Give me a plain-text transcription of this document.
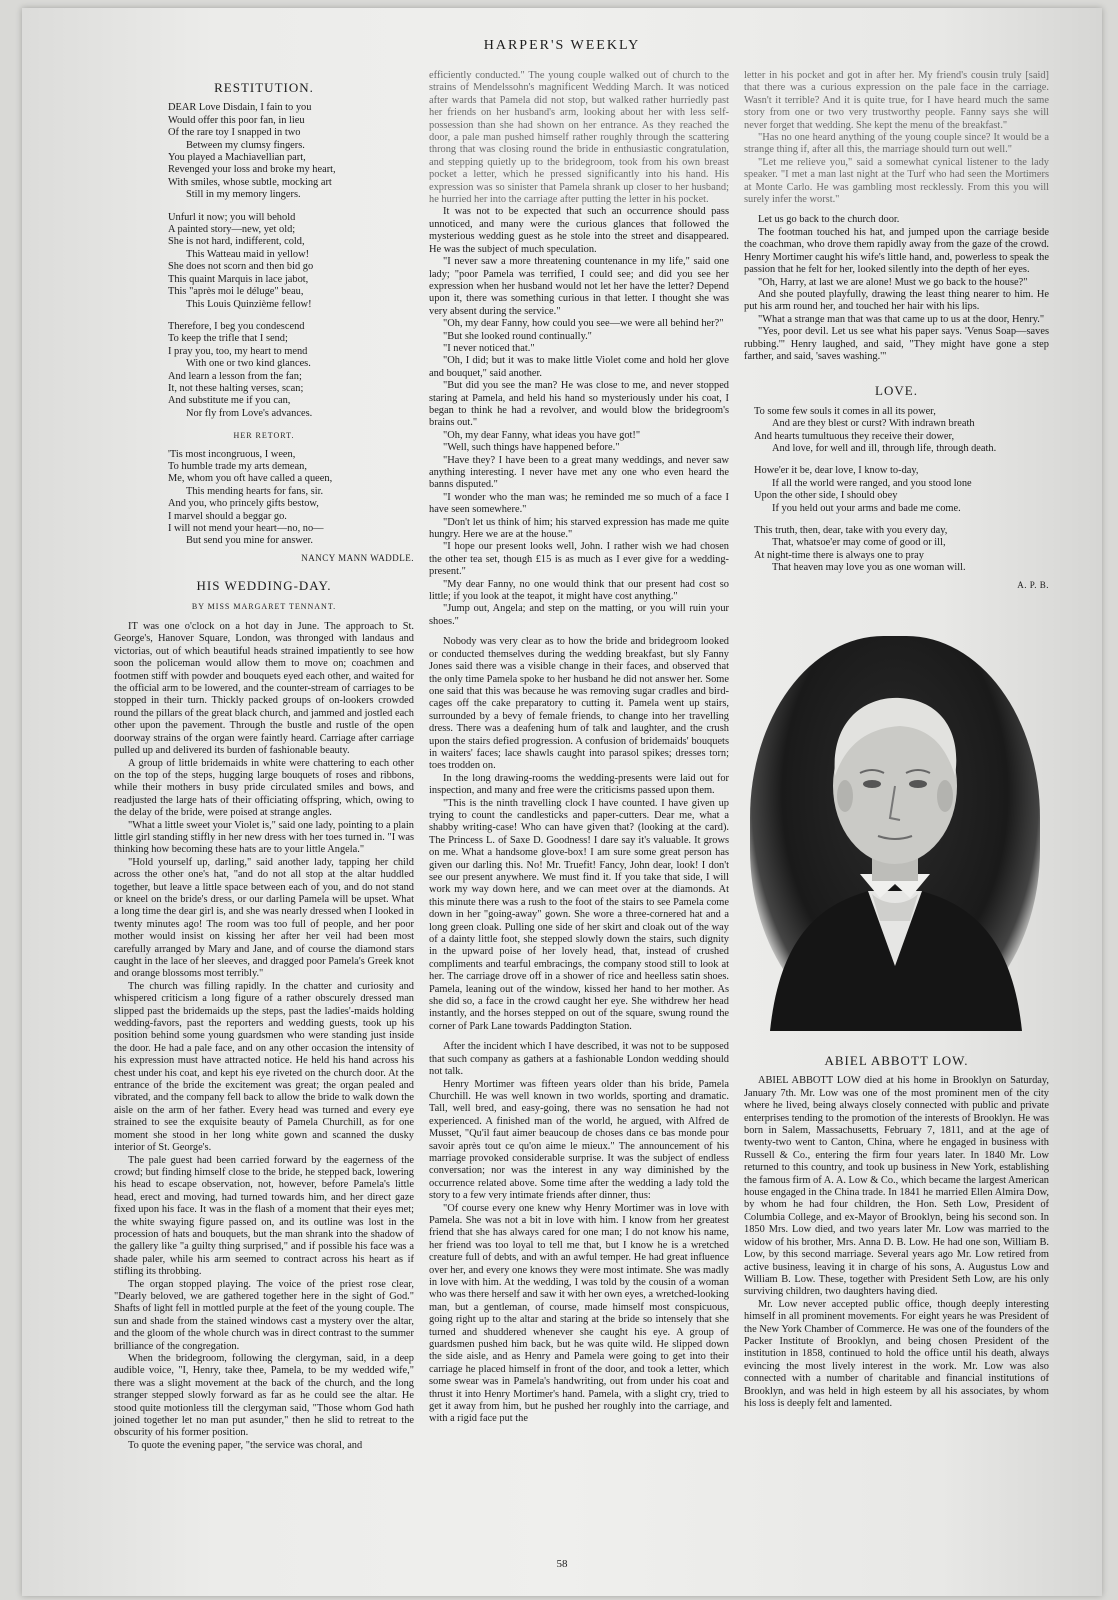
HARPER'S WEEKLY
RESTITUTION.

DEAR Love Disdain, I fain to you

Would offer this poor fan, in lieu

Of the rare toy I snapped in two

Between my clumsy fingers.

You played a Machiavellian part,

Revenged your loss and broke my heart,

With smiles, whose subtle, mocking art

Still in my memory lingers.

Unfurl it now; you will behold

A painted story—new, yet old;

She is not hard, indifferent, cold,

This Watteau maid in yellow!

She does not scorn and then bid go

This quaint Marquis in lace jabot,

This "après moi le déluge" beau,

This Louis Quinzième fellow!

Therefore, I beg you condescend

To keep the trifle that I send;

I pray you, too, my heart to mend

With one or two kind glances.

And learn a lesson from the fan;

It, not these halting verses, scan;

And substitute me if you can,

Nor fly from Love's advances.

HER RETORT.

'Tis most incongruous, I ween,

To humble trade my arts demean,

Me, whom you oft have called a queen,

This mending hearts for fans, sir.

And you, who princely gifts bestow,

I marvel should a beggar go.

I will not mend your heart—no, no—

But send you mine for answer.

NANCY MANN WADDLE.
HIS WEDDING-DAY.
BY MISS MARGARET TENNANT.

IT was one o'clock on a hot day in June. The approach to St. George's, Hanover Square, London, was thronged with landaus and victorias, out of which beautiful heads strained impatiently to see how soon the policeman would allow them to move on; coachmen and footmen stiff with powder and bouquets eyed each other, and waited for the official arm to be lowered, and the counter-stream of carriages to be stopped in their turn. Thickly packed groups of on-lookers crowded round the pillars of the great black church, and jammed and jostled each other upon the pavement. Through the bustle and rustle of the open doorway strains of the organ were faintly heard. Carriage after carriage pulled up and delivered its burden of fashionable beauty.

A group of little bridemaids in white were chattering to each other on the top of the steps, hugging large bouquets of roses and ribbons, while their mothers in busy pride circulated smiles and bows, and readjusted the large hats of their officiating offspring, which, owing to the delay of the bride, were poised at strange angles.

"What a little sweet your Violet is," said one lady, pointing to a plain little girl standing stiffly in her new dress with her toes turned in. "I was thinking how becoming these hats are to your little Angela."

"Hold yourself up, darling," said another lady, tapping her child across the other one's hat, "and do not all stop at the altar huddled together, but leave a little space between each of you, and do not stand or kneel on the bride's dress, or our darling Pamela will be upset. What a long time the dear girl is, and she was nearly dressed when I looked in twenty minutes ago! The room was too full of people, and her poor mother would insist on kissing her after her veil had been most carefully arranged by Mary and Jane, and of course the diamond stars caught in the lace of her sleeves, and dragged poor Pamela's Greek knot and orange blossoms most terribly."

The church was filling rapidly. In the chatter and curiosity and whispered criticism a long figure of a rather obscurely dressed man slipped past the bridemaids up the steps, past the ladies'-maids holding wedding-favors, past the reporters and wedding guests, took up his position behind some young guardsmen who were standing just inside the door. He had a pale face, and on any other occasion the intensity of his expression must have attracted notice. He held his hand across his chest under his coat, and kept his eye riveted on the church door. At the entrance of the bride the excitement was great; the organ pealed and vibrated, and the company fell back to allow the bride to walk down the aisle on the arm of her father. Every head was turned and every eye strained to see the exquisite beauty of Pamela Churchill, as for one moment she stood in her long white gown and scanned the dusky interior of St. George's.

The pale guest had been carried forward by the eagerness of the crowd; but finding himself close to the bride, he stepped back, lowering his head to escape observation, not, however, before Pamela's little head, erect and moving, had turned towards him, and her direct gaze fixed upon his face. It was in the flash of a moment that their eyes met; the white swaying figure passed on, and its outline was lost in the procession of hats and bouquets, but the man shrank into the shadow of the gallery like "a guilty thing surprised," and if possible his face was a shade paler, while his arm seemed to contract across his heart as if stifling its throbbing.

The organ stopped playing. The voice of the priest rose clear, "Dearly beloved, we are gathered together here in the sight of God." Shafts of light fell in mottled purple at the feet of the young couple. The sun and shade from the stained windows cast a mystery over the altar, and the gloom of the whole church was in direct contrast to the summer brilliance of the congregation.

When the bridegroom, following the clergyman, said, in a deep audible voice, "I, Henry, take thee, Pamela, to be my wedded wife," there was a slight movement at the back of the church, and the long stranger stepped slowly forward as far as he could see the altar. He stood quite motionless till the clergyman said, "Those whom God hath joined together let no man put asunder," then he slid to retreat to the obscurity of his former position.

To quote the evening paper, "the service was choral, and

efficiently conducted." The young couple walked out of church to the strains of Mendelssohn's magnificent Wedding March. It was noticed after wards that Pamela did not stop, but walked rather hurriedly past her friends on her husband's arm, looking about her with less self-possession than she had shown on her entrance. As they reached the door, a pale man pushed himself rather roughly through the scattering throng that was closing round the bride in enthusiastic congratulation, and stepping quietly up to the bridegroom, took from his own breast pocket a letter, which he pressed significantly into his hand. His expression was so sinister that Pamela shrank up closer to her husband; he hurried her into the carriage after putting the letter in his pocket.

It was not to be expected that such an occurrence should pass unnoticed, and many were the curious glances that followed the mysterious wedding guest as he stole into the street and disappeared. He was the subject of much speculation.

"I never saw a more threatening countenance in my life," said one lady; "poor Pamela was terrified, I could see; and did you see her expression when her husband would not let her have the letter? Depend upon it, there was something curious in that letter. I thought she was very absent during the service."

"Oh, my dear Fanny, how could you see—we were all behind her?"

"But she looked round continually."

"I never noticed that."

"Oh, I did; but it was to make little Violet come and hold her glove and bouquet," said another.

"But did you see the man? He was close to me, and never stopped staring at Pamela, and held his hand so mysteriously under his coat, I began to think he had a revolver, and would blow the bridegroom's brains out."

"Oh, my dear Fanny, what ideas you have got!"

"Well, such things have happened before."

"Have they? I have been to a great many weddings, and never saw anything interesting. I never have met any one who even heard the banns disputed."

"I wonder who the man was; he reminded me so much of a face I have seen somewhere."

"Don't let us think of him; his starved expression has made me quite hungry. Here we are at the house."

"I hope our present looks well, John. I rather wish we had chosen the other tea set, though £15 is as much as I ever give for a wedding-present."

"My dear Fanny, no one would think that our present had cost so little; if you look at the teapot, it might have cost anything."

"Jump out, Angela; and step on the matting, or you will ruin your shoes."

Nobody was very clear as to how the bride and bridegroom looked or conducted themselves during the wedding breakfast, but sly Fanny Jones said there was a visible change in their faces, and observed that the only time Pamela spoke to her husband he did not answer her. Some one said that this was because he was removing sugar cradles and bird-cages off the cake preparatory to cutting it. Pamela went up stairs, surrounded by a bevy of female friends, to change into her travelling dress. There was a deafening hum of talk and laughter, and the crush upon the stairs defied progression. A confusion of bridemaids' bouquets in waiters' faces; lace shawls caught into parasol spikes; dresses torn; toes trodden on.

In the long drawing-rooms the wedding-presents were laid out for inspection, and many and free were the criticisms passed upon them.

"This is the ninth travelling clock I have counted. I have given up trying to count the candlesticks and paper-cutters. Dear me, what a shabby writing-case! Who can have given that? (looking at the card). The Princess L. of Saxe D. Goodness! I dare say it's valuable. It grows on me. What a handsome glove-box! I am sure some great person has given our darling this. No! Mr. Truefit! Fancy, John dear, look! I don't see our present anywhere. We must find it. If you take that side, I will work my way down here, and we can meet over at the diamonds. At this minute there was a rush to the foot of the stairs to see Pamela come down in her "going-away" gown. She wore a three-cornered hat and a long green cloak. Pulling one side of her skirt and cloak out of the way of a dainty little foot, she stepped slowly down the stairs, such dignity in the upward poise of her lovely head, that, instead of crushed compliments and tearful embracings, the company stood still to look at her. The carriage drove off in a shower of rice and heelless satin shoes. Pamela, leaning out of the window, kissed her hand to her mother. As she did so, a face in the crowd caught her eye. She withdrew her head instantly, and the horses stepped on out of the square, swung round the corner of Park Lane towards Paddington Station.

After the incident which I have described, it was not to be supposed that such company as gathers at a fashionable London wedding should not talk.

Henry Mortimer was fifteen years older than his bride, Pamela Churchill. He was well known in two worlds, sporting and dramatic. Tall, well bred, and easy-going, there was no sensation he had not experienced. A finished man of the world, he argued, with Alfred de Musset, "Qu'il faut aimer beaucoup de choses dans ce bas monde pour savoir après tout ce qu'on aime le mieux." The announcement of his marriage provoked considerable surprise. It was the subject of endless conversation; nor was the interest in any way diminished by the occurrence related above. Some time after the wedding a lady told the story to a few very intimate friends after dinner, thus:

"Of course every one knew why Henry Mortimer was in love with Pamela. She was not a bit in love with him. I know from her greatest friend that she has always cared for one man; I do not know his name, her friend was too loyal to tell me that, but I know he is a wretched creature full of debts, and with an awful temper. He had great influence over her, and every one knows they were most intimate. She was madly in love with him. At the wedding, I was told by the cousin of a woman who was there herself and saw it with her own eyes, a wretched-looking man, but a gentleman, of course, made himself most conspicuous, going right up to the altar and staring at the bride so intensely that she turned and shuddered whenever she caught his eye. A group of guardsmen pushed him back, but he was quite wild. He slipped down the side aisle, and as Henry and Pamela were going to get into their carriage he placed himself in front of the door, and took a letter, which some swear was in Pamela's handwriting, out from under his coat and thrust it into Henry Mortimer's hand. Pamela, with a slight cry, tried to get it away from him, but he pushed her roughly into the carriage, and with a rigid face put the

letter in his pocket and got in after her. My friend's cousin truly [said] that there was a curious expression on the pale face in the carriage. Wasn't it terrible? And it is quite true, for I have heard much the same story from one or two very trustworthy people. Fanny says she will never forget that wedding. She kept the menu of the breakfast."

"Has no one heard anything of the young couple since? It would be a strange thing if, after all this, the marriage should turn out well."

"Let me relieve you," said a somewhat cynical listener to the lady speaker. "I met a man last night at the Turf who had seen the Mortimers at Monte Carlo. He was gambling most recklessly. From this you will surely infer the worst."

Let us go back to the church door.

The footman touched his hat, and jumped upon the carriage beside the coachman, who drove them rapidly away from the gaze of the crowd. Henry Mortimer caught his wife's little hand, and, powerless to speak the passion that he felt for her, looked silently into the depth of her eyes.

"Oh, Harry, at last we are alone! Must we go back to the house?"

And she pouted playfully, drawing the least thing nearer to him. He put his arm round her, and touched her hair with his lips.

"What a strange man that was that came up to us at the door, Henry."

"Yes, poor devil. Let us see what his paper says. 'Venus Soap—saves rubbing.'" Henry laughed, and said, "They might have gone a step farther, and said, 'saves washing.'"

LOVE.

To some few souls it comes in all its power,

And are they blest or curst? With indrawn breath

And hearts tumultuous they receive their dower,

And love, for well and ill, through life, through death.

Howe'er it be, dear love, I know to-day,

If all the world were ranged, and you stood lone

Upon the other side, I should obey

If you held out your arms and bade me come.

This truth, then, dear, take with you every day,

That, whatsoe'er may come of good or ill,

At night-time there is always one to pray

That heaven may love you as one woman will.

A. P. B.
ABIEL ABBOTT LOW.

ABIEL ABBOTT LOW died at his home in Brooklyn on Saturday, January 7th. Mr. Low was one of the most prominent men of the city where he lived, being always closely connected with public and private enterprises tending to the promotion of the interests of Brooklyn. He was born in Salem, Massachusetts, February 7, 1811, and at the age of twenty-two went to Canton, China, where he engaged in business with Russell & Co., entering the firm four years later. In 1840 Mr. Low returned to this country, and took up business in New York, establishing the famous firm of A. A. Low & Co., which became the largest American house engaged in the China trade. In 1841 he married Ellen Almira Dow, by whom he had four children, the Hon. Seth Low, President of Columbia College, and ex-Mayor of Brooklyn, being his second son. In 1850 Mrs. Low died, and two years later Mr. Low was married to the widow of his brother, Mrs. Anna D. B. Low. He had one son, William B. Low, by this second marriage. Several years ago Mr. Low retired from active business, leaving it in charge of his sons, A. Augustus Low and William B. Low. These, together with President Seth Low, are his only surviving children, two daughters having died.

Mr. Low never accepted public office, though deeply interesting himself in all prominent movements. For eight years he was President of the New York Chamber of Commerce. He was one of the founders of the Packer Institute of Brooklyn, and being chosen President of the institution in 1858, continued to hold the office until his death, always evincing the most lively interest in the work. Mr. Low was also connected with a number of charitable and financial institutions of Brooklyn, and was held in high esteem by all his associates, by whom his loss is deeply felt and lamented.

58
